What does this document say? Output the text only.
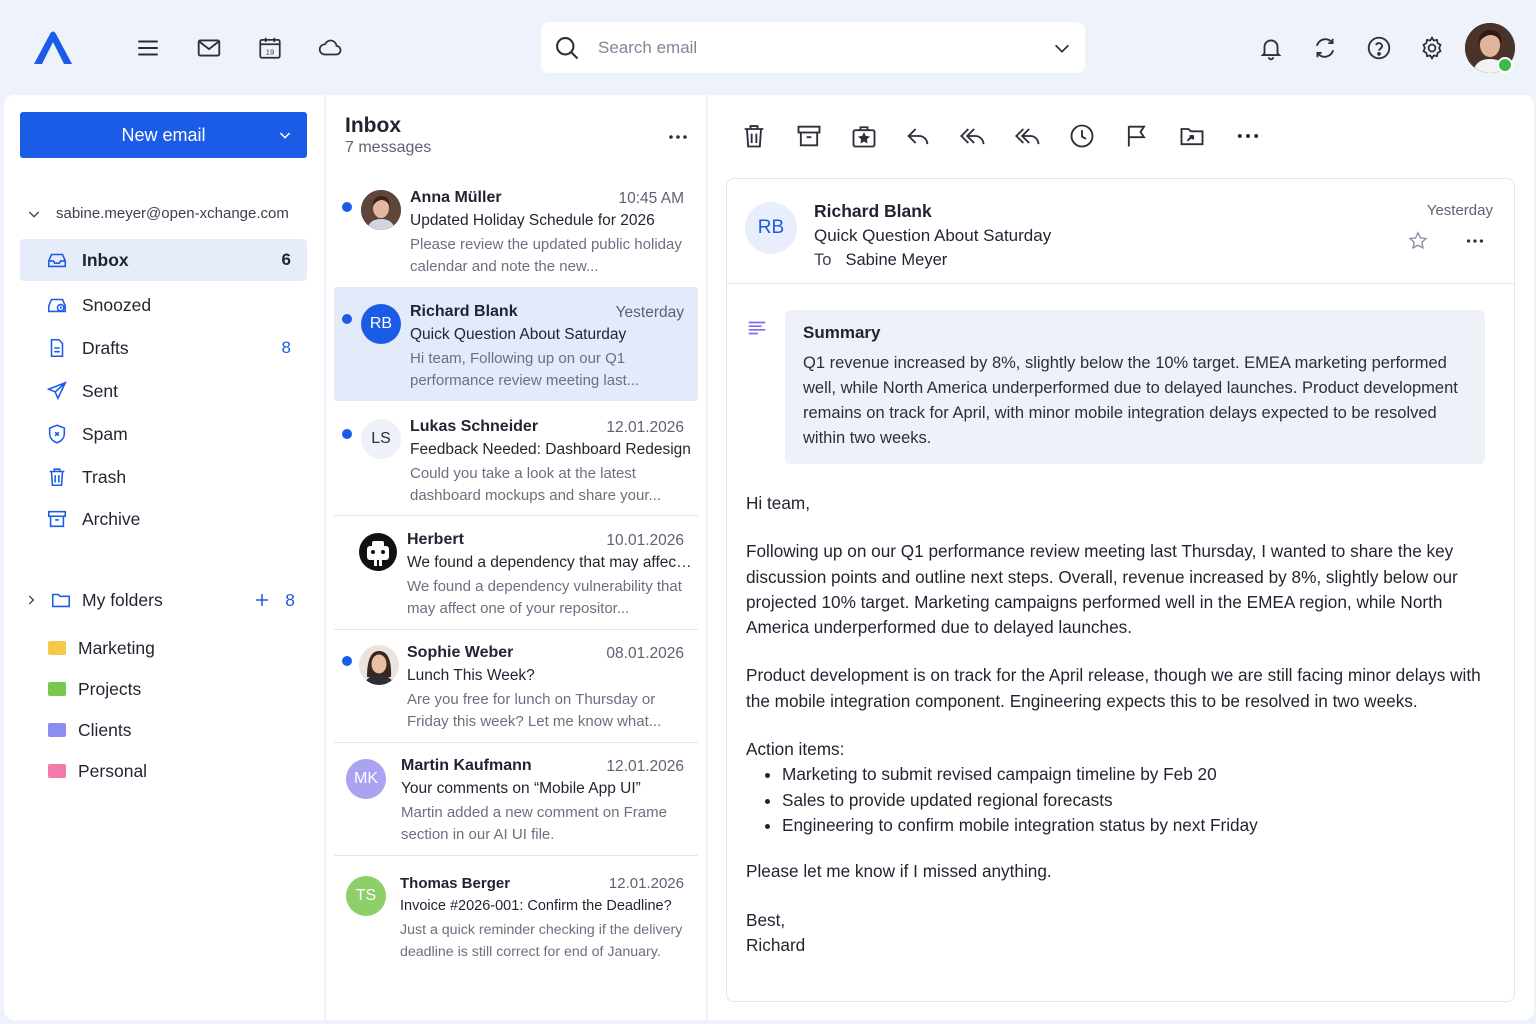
19
Search email
New email
sabine.meyer@open-xchange.com
Inbox	6
Snoozed
Drafts	8
Sent
Spam
Trash
Archive
My folders	8
Marketing
Projects
Clients
Personal
Inbox
7 messages
Anna Müller	10:45 AM
Updated Holiday Schedule for 2026
Please review the updated public holiday calendar and note the new...
RB
Richard Blank	Yesterday
Quick Question About Saturday
Hi team, Following up on our Q1 performance review meeting last...
LS
Lukas Schneider	12.01.2026
Feedback Needed: Dashboard Redesign
Could you take a look at the latest dashboard mockups and share your...
Herbert	10.01.2026
We found a dependency that may affect...
We found a dependency vulnerability that may affect one of your repositor...
Sophie Weber	08.01.2026
Lunch This Week?
Are you free for lunch on Thursday or Friday this week? Let me know what...
MK
Martin Kaufmann	12.01.2026
Your comments on “Mobile App UI”
Martin added a new comment on Frame section in our AI UI file.
TS
Thomas Berger	12.01.2026
Invoice #2026-001: Confirm the Deadline?
Just a quick reminder checking if the delivery deadline is still correct for end of January.
RB
Richard Blank
Quick Question About Saturday
To Sabine Meyer
Yesterday
Summary
Q1 revenue increased by 8%, slightly below the 10% target. EMEA marketing performed well, while North America underperformed due to delayed launches. Product development remains on track for April, with minor mobile integration delays expected to be resolved within two weeks.

Hi team,

Following up on our Q1 performance review meeting last Thursday, I wanted to share the key discussion points and outline next steps. Overall, revenue increased by 8%, slightly below our projected 10% target. Marketing campaigns performed well in the EMEA region, while North America underperformed due to delayed launches.

Product development is on track for the April release, though we are still facing minor delays with the mobile integration component. Engineering expects this to be resolved in two weeks.

Action items:
• Marketing to submit revised campaign timeline by Feb 20
• Sales to provide updated regional forecasts
• Engineering to confirm mobile integration status by next Friday

Please let me know if I missed anything.

Best,
Richard
